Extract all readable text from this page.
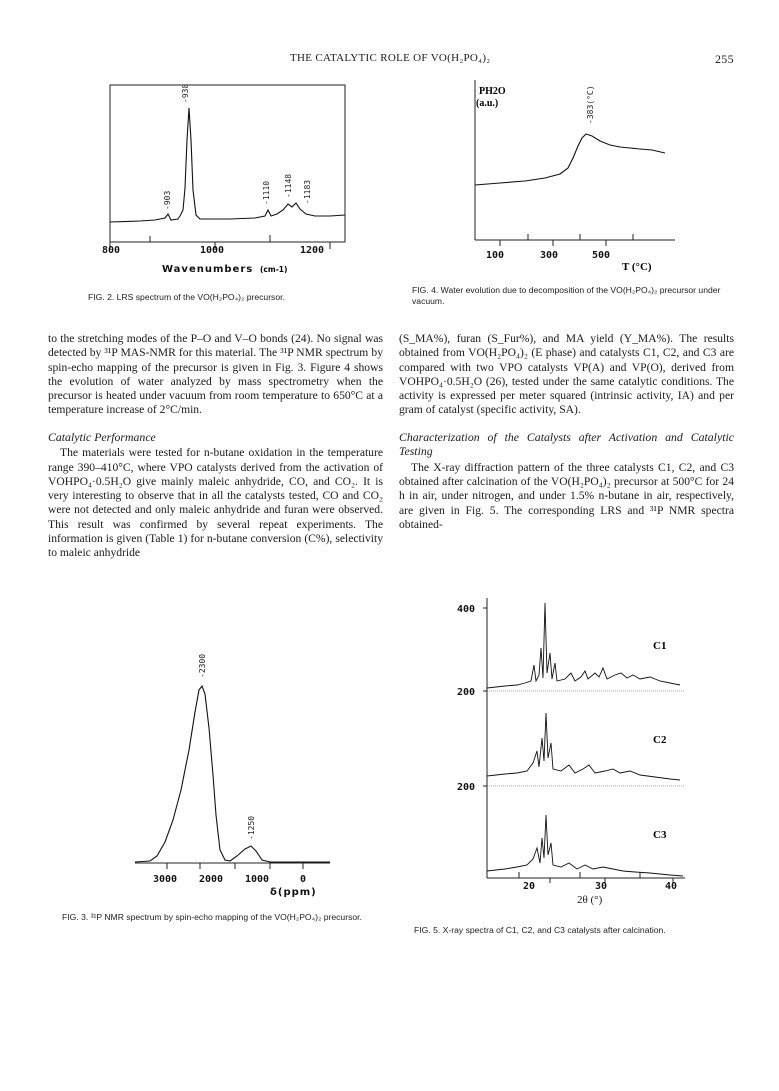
THE CATALYTIC ROLE OF VO(H₂PO₄)₂	255
800	1000	1200
-938
-903	-1110 -1148 -1183
Wavenumbers (cm-1)
FIG. 2. LRS spectrum of the VO(H₂PO₄)₂ precursor.
100	300	500
T (°C)
PH2O
(a.u.)	-383(°C)
FIG. 4. Water evolution due to decomposition of the VO(H₂PO₄)₂ precursor under vacuum.

to the stretching modes of the P–O and V–O bonds (24). No signal was detected by ³¹P MAS-NMR for this material. The ³¹P NMR spectrum by spin-echo mapping of the precursor is given in Fig. 3. Figure 4 shows the evolution of water analyzed by mass spectrometry when the precursor is heated under vacuum from room temperature to 650°C at a temperature increase of 2°C/min.

Catalytic Performance

The materials were tested for n-butane oxidation in the temperature range 390–410°C, where VPO catalysts derived from the activation of VOHPO₄·0.5H₂O give mainly maleic anhydride, CO, and CO₂. It is very interesting to observe that in all the catalysts tested, CO and CO₂ were not detected and only maleic anhydride and furan were observed. This result was confirmed by several repeat experiments. The information is given (Table 1) for n-butane conversion (C%), selectivity to maleic anhydride

(S_MA%), furan (S_Fur%), and MA yield (Y_MA%). The results obtained from VO(H₂PO₄)₂ (E phase) and catalysts C1, C2, and C3 are compared with two VPO catalysts VP(A) and VP(O), derived from VOHPO₄·0.5H₂O (26), tested under the same catalytic conditions. The activity is expressed per meter squared (intrinsic activity, IA) and per gram of catalyst (specific activity, SA).

Characterization of the Catalysts after Activation and Catalytic Testing

The X-ray diffraction pattern of the three catalysts C1, C2, and C3 obtained after calcination of the VO(H₂PO₄)₂ precursor at 500°C for 24 h in air, under nitrogen, and under 1.5% n-butane in air, respectively, are given in Fig. 5. The corresponding LRS and ³¹P NMR spectra obtained-

3000 2000 1000	0
δ(ppm)
-2300
-1250
FIG. 3. ³¹P NMR spectrum by spin-echo mapping of the VO(H₂PO₄)₂ precursor.
400
200
200
C1
C2
C3
20	30	40
2θ (°)
FIG. 5. X-ray spectra of C1, C2, and C3 catalysts after calcination.
